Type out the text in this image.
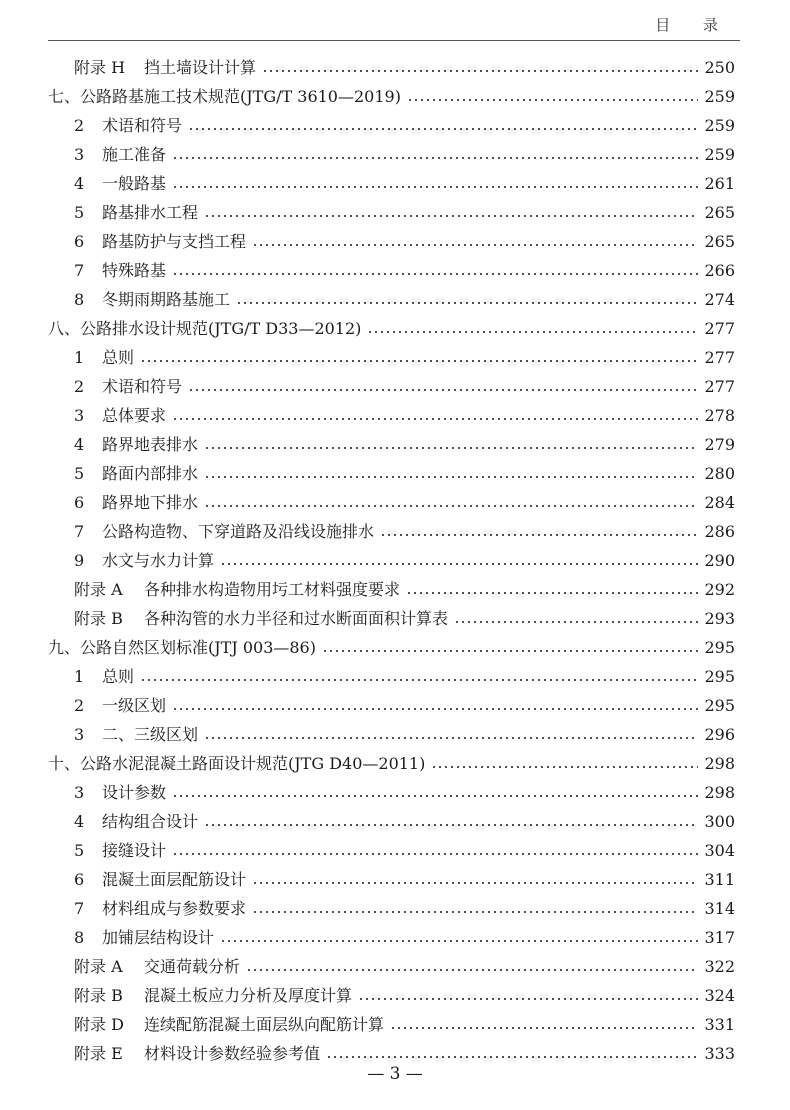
目 录
附录 H	挡土墙设计计算	250
七、公路路基施工技术规范(JTG/T 3610—2019)	259
2	术语和符号	259
3	施工准备	259
4	一般路基	261
5	路基排水工程	265
6	路基防护与支挡工程	265
7	特殊路基	266
8	冬期雨期路基施工	274
八、公路排水设计规范(JTG/T D33—2012)	277
1	总则	277
2	术语和符号	277
3	总体要求	278
4	路界地表排水	279
5	路面内部排水	280
6	路界地下排水	284
7	公路构造物、下穿道路及沿线设施排水	286
9	水文与水力计算	290
附录 A	各种排水构造物用圬工材料强度要求	292
附录 B	各种沟管的水力半径和过水断面面积计算表	293
九、公路自然区划标准(JTJ 003—86)	295
1	总则	295
2	一级区划	295
3	二、三级区划	296
十、公路水泥混凝土路面设计规范(JTG D40—2011)	298
3	设计参数	298
4	结构组合设计	300
5	接缝设计	304
6	混凝土面层配筋设计	311
7	材料组成与参数要求	314
8	加铺层结构设计	317
附录 A	交通荷载分析	322
附录 B	混凝土板应力分析及厚度计算	324
附录 D	连续配筋混凝土面层纵向配筋计算	331
附录 E	材料设计参数经验参考值	333
— 3 —
